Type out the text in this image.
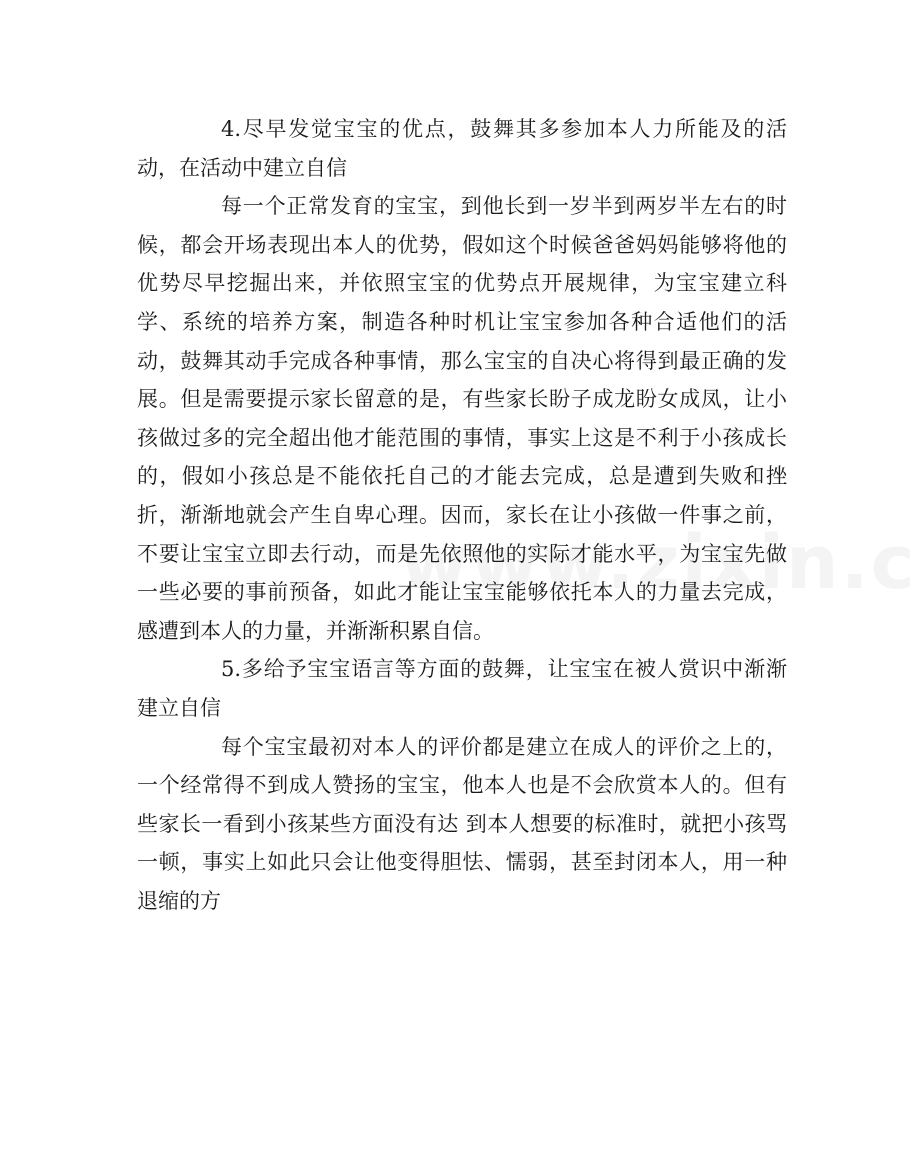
4.尽早发觉宝宝的优点，鼓舞其多参加本人力所能及的活动，在活动中建立自信

每一个正常发育的宝宝，到他长到一岁半到两岁半左右的时候，都会开场表现出本人的优势，假如这个时候爸爸妈妈能够将他的优势尽早挖掘出来，并依照宝宝的优势点开展规律，为宝宝建立科学、系统的培养方案，制造各种时机让宝宝参加各种合适他们的活动，鼓舞其动手完成各种事情，那么宝宝的自决心将得到最正确的发展。但是需要提示家长留意的是，有些家长盼子成龙盼女成凤，让小孩做过多的完全超出他才能范围的事情，事实上这是不利于小孩成长的，假如小孩总是不能依托自己的才能去完成，总是遭到失败和挫折，渐渐地就会产生自卑心理。因而，家长在让小孩做一件事之前，不要让宝宝立即去行动，而是先依照他的实际才能水平，为宝宝先做一些必要的事前预备，如此才能让宝宝能够依托本人的力量去完成，感遭到本人的力量，并渐渐积累自信。

5.多给予宝宝语言等方面的鼓舞，让宝宝在被人赏识中渐渐建立自信

每个宝宝最初对本人的评价都是建立在成人的评价之上的，一个经常得不到成人赞扬的宝宝，他本人也是不会欣赏本人的。但有些家长一看到小孩某些方面没有达 到本人想要的标准时，就把小孩骂一顿，事实上如此只会让他变得胆怯、懦弱，甚至封闭本人，用一种退缩的方
